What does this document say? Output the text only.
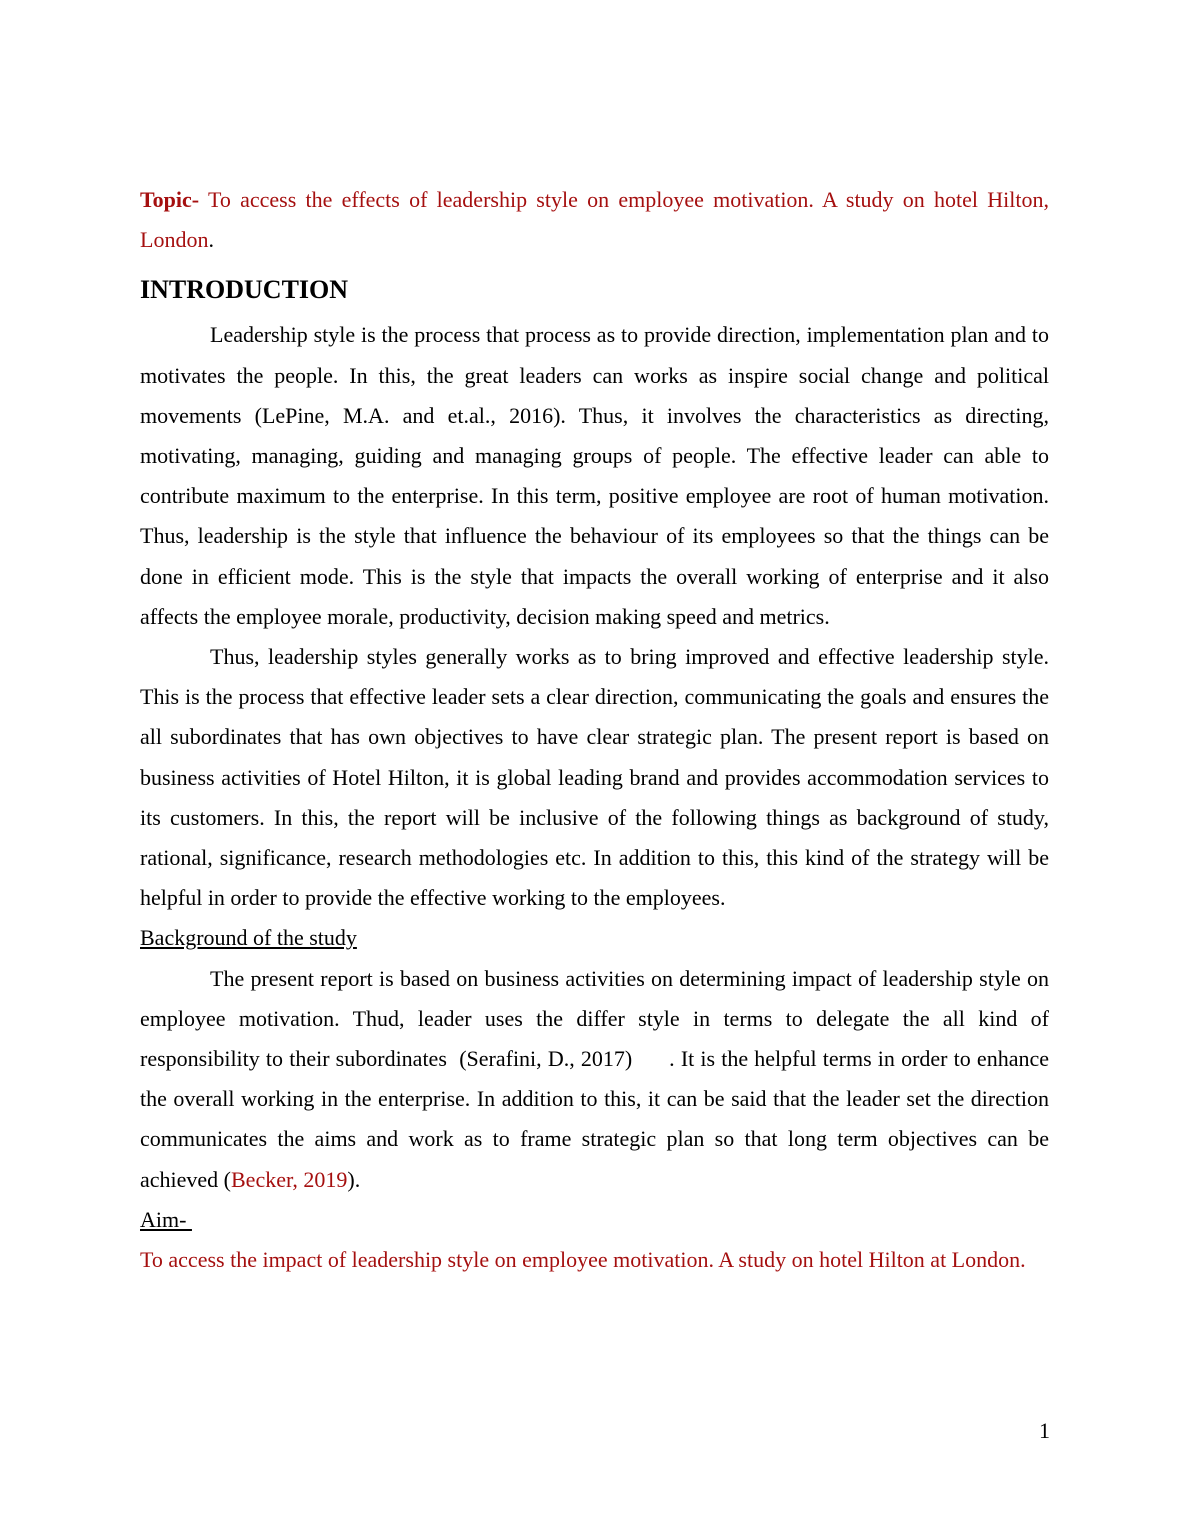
Topic- To access the effects of leadership style on employee motivation. A study on hotel Hilton, London.

INTRODUCTION

Leadership style is the process that process as to provide direction, implementation plan and to motivates the people. In this, the great leaders can works as inspire social change and political movements (LePine, M.A. and et.al., 2016). Thus, it involves the characteristics as directing, motivating, managing, guiding and managing groups of people. The effective leader can able to contribute maximum to the enterprise. In this term, positive employee are root of human motivation. Thus, leadership is the style that influence the behaviour of its employees so that the things can be done in efficient mode. This is the style that impacts the overall working of enterprise and it also affects the employee morale, productivity, decision making speed and metrics.

Thus, leadership styles generally works as to bring improved and effective leadership style. This is the process that effective leader sets a clear direction, communicating the goals and ensures the all subordinates that has own objectives to have clear strategic plan. The present report is based on business activities of Hotel Hilton, it is global leading brand and provides accommodation services to its customers. In this, the report will be inclusive of the following things as background of study, rational, significance, research methodologies etc. In addition to this, this kind of the strategy will be helpful in order to provide the effective working to the employees.

Background of the study

The present report is based on business activities on determining impact of leadership style on employee motivation. Thud, leader uses the differ style in terms to delegate the all kind of responsibility to their subordinates  (Serafini, D., 2017)      . It is the helpful terms in order to enhance the overall working in the enterprise. In addition to this, it can be said that the leader set the direction communicates the aims and work as to frame strategic plan so that long term objectives can be achieved (Becker, 2019).

Aim-

To access the impact of leadership style on employee motivation. A study on hotel Hilton at London.

1
